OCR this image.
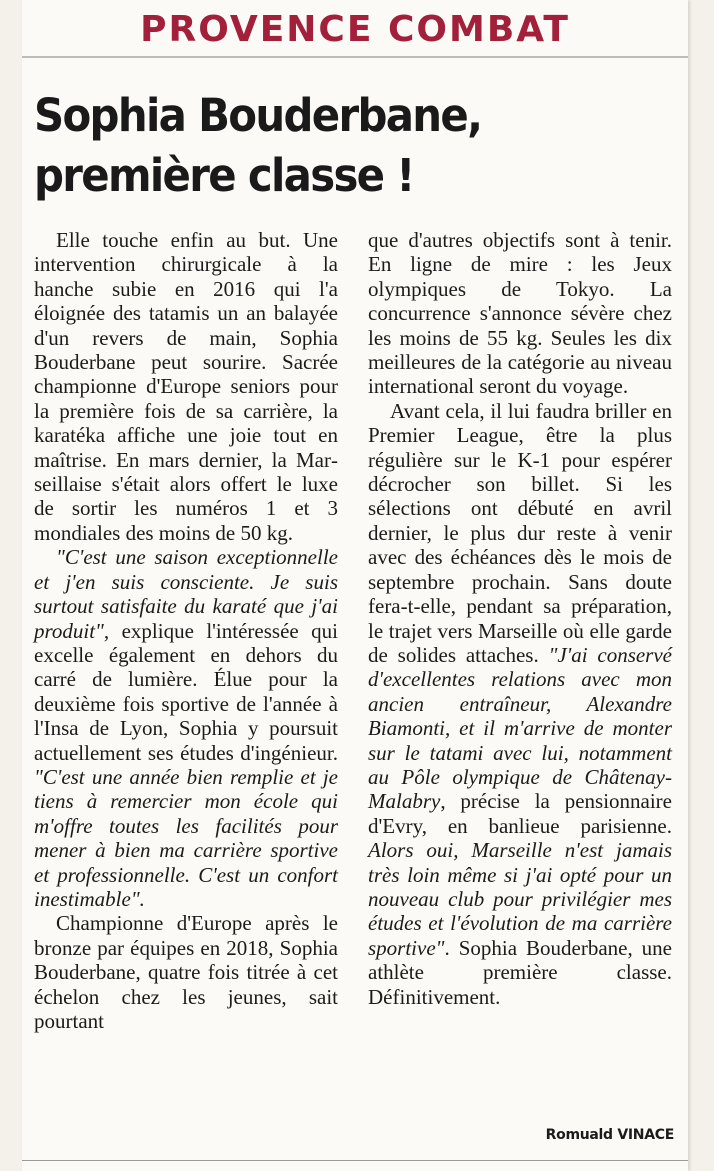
PROVENCE COMBAT
Sophia Bouderbane,
première classe !

Elle touche enfin au but. Une intervention chirurgicale à la hanche subie en 2016 qui l'a éloignée des tatamis un an balayée d'un revers de main, Sophia Bouderbane peut sourire. Sacrée championne d'Europe seniors pour la première fois de sa carrière, la karatéka affiche une joie tout en maîtrise. En mars dernier, la Marseillaise s'était alors offert le luxe de sortir les numéros 1 et 3 mondiales des moins de 50 kg.

"C'est une saison exceptionnelle et j'en suis consciente. Je suis surtout satisfaite du karaté que j'ai produit", explique l'intéressée qui excelle également en dehors du carré de lumière. Élue pour la deuxième fois sportive de l'année à l'Insa de Lyon, Sophia y poursuit actuellement ses études d'ingénieur. "C'est une année bien remplie et je tiens à remercier mon école qui m'offre toutes les facilités pour mener à bien ma carrière sportive et professionnelle. C'est un confort inestimable".

Championne d'Europe après le bronze par équipes en 2018, Sophia Bouderbane, quatre fois titrée à cet échelon chez les jeunes, sait pourtant

que d'autres objectifs sont à tenir. En ligne de mire : les Jeux olympiques de Tokyo. La concurrence s'annonce sévère chez les moins de 55 kg. Seules les dix meilleures de la catégorie au niveau international seront du voyage.

Avant cela, il lui faudra briller en Premier League, être la plus régulière sur le K-1 pour espérer décrocher son billet. Si les sélections ont débuté en avril dernier, le plus dur reste à venir avec des échéances dès le mois de septembre prochain. Sans doute fera-t-elle, pendant sa préparation, le trajet vers Marseille où elle garde de solides attaches. "J'ai conservé d'excellentes relations avec mon ancien entraîneur, Alexandre Biamonti, et il m'arrive de monter sur le tatami avec lui, notamment au Pôle olympique de Châtenay-Malabry, précise la pensionnaire d'Evry, en banlieue parisienne. Alors oui, Marseille n'est jamais très loin même si j'ai opté pour un nouveau club pour privilégier mes études et l'évolution de ma carrière sportive". Sophia Bouderbane, une athlète première classe. Définitivement.

Romuald VINACE
